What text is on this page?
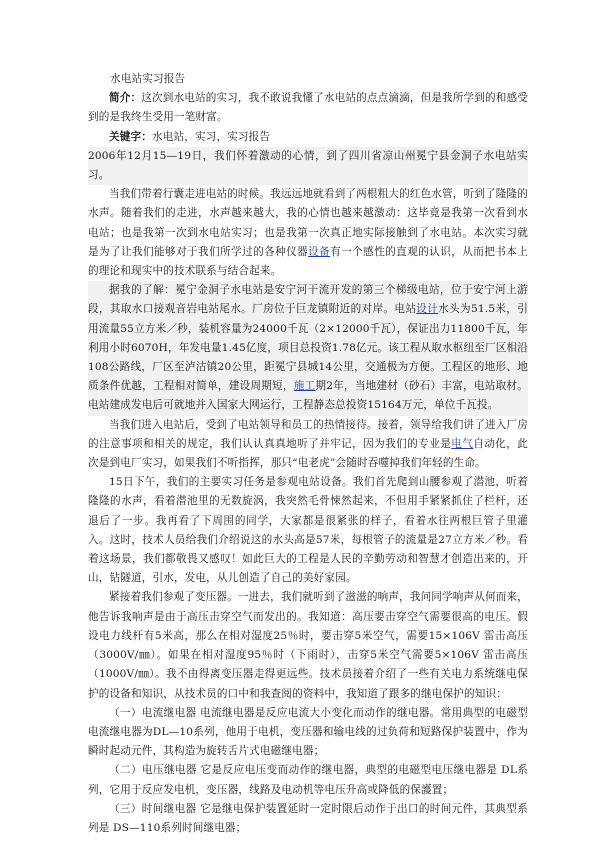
水电站实习报告

简介：这次到水电站的实习，我不敢说我懂了水电站的点点滴滴，但是我所学到的和感受到的是我终生受用一笔财富。

关键字：水电站，实习，实习报告

2006年12月15—19日，我们怀着激动的心情，到了四川省凉山州冕宁县金洞子水电站实习。

当我们带着行囊走进电站的时候。我远远地就看到了两根粗大的红色水管，听到了隆隆的水声。随着我们的走进，水声越来越大，我的心情也越来越激动：这毕竟是我第一次看到水电站；也是我第一次到水电站实习；也是我第一次真正地实际接触到了水电站。本次实习就是为了让我们能够对于我们所学过的各种仪器设备有一个感性的直观的认识，从而把书本上的理论和现实中的技术联系与结合起来。

据我的了解：冕宁金洞子水电站是安宁河干流开发的第三个梯级电站，位于安宁河上游段，其取水口接观音岩电站尾水。厂房位于巨龙镇附近的对岸。电站设计水头为51.5米，引用流量55立方米／秒，装机容量为24000千瓦（2×12000千瓦），保证出力11800千瓦，年利用小时6070H，年发电量1.45亿度，项目总投资1.78亿元。该工程从取水枢纽至厂区相沿108公路线，厂区至泸沽镇20公里，距冕宁县城14公里，交通极为方便。工程区的地形、地质条件优越，工程相对简单，建设周期短，施工期2年，当地建材（砂石）丰富，电站取材。电站建成发电后可就地并入国家大网运行，工程静态总投资15164万元，单位千瓦投。

当我们进入电站后，受到了电站领导和员工的热情接待。接着，领导给我们讲了进入厂房的注意事项和相关的规定，我们认认真真地听了并牢记，因为我们的专业是电气自动化，此次是到电厂实习，如果我们不听指挥，那只“电老虎”会随时吞噬掉我们年轻的生命。

15日下午，我们的主要实习任务是参观电站设备。我们首先爬到山腰参观了潜池，听着隆隆的水声，看着潜池里的无数旋涡，我突然毛骨悚然起来，不但用手紧紧抓住了栏杆，还退后了一步。我再看了下周围的同学，大家都是很紧张的样子，看着水往两根巨管子里灌入。这时，技术人员给我们介绍说这的水头高是57米，每根管子的流量是27立方米／秒。看着这场景，我们都敬畏又感叹！如此巨大的工程是人民的辛勤劳动和智慧才创造出来的，开山，钻隧道，引水，发电，从儿创造了自己的美好家园。

紧接着我们参观了变压器。一进去，我们就听到了滋滋的响声，我问同学响声从何而来，他告诉我响声是由于高压击穿空气而发出的。我知道：高压要击穿空气需要很高的电压。假设电力线杆有5米高，那么在相对湿度25％时，要击穿5米空气，需要15×106V 雷击高压（3000V/㎜）。如果在相对湿度95％时（下雨时），击穿5米空气需要5×106V 雷击高压（1000V/㎜）。我不由得离变压器走得更远些。技术员接着介绍了一些有关电力系统继电保护的设备和知识，从技术员的口中和我查阅的资料中，我知道了跟多的继电保护的知识：

（一）电流继电器 电流继电器是反应电流大小变化而动作的继电器。常用典型的电磁型电流继电器为DL—10系列，他用于电机，变压器和输电线的过负荷和短路保护装置中，作为瞬时起动元件，其构造为旋转舌片式电磁继电器；

（二）电压继电器 它是反应电压变而动作的继电器，典型的电磁型电压继电器是 DL系列，它用于反应发电机，变压器，线路及电动机等电压升高或降低的保護置；

（三）时间继电器 它是继电保护装置延时一定时限后动作于出口的时间元件，其典型系列是 DS—110系列时间继电器；
